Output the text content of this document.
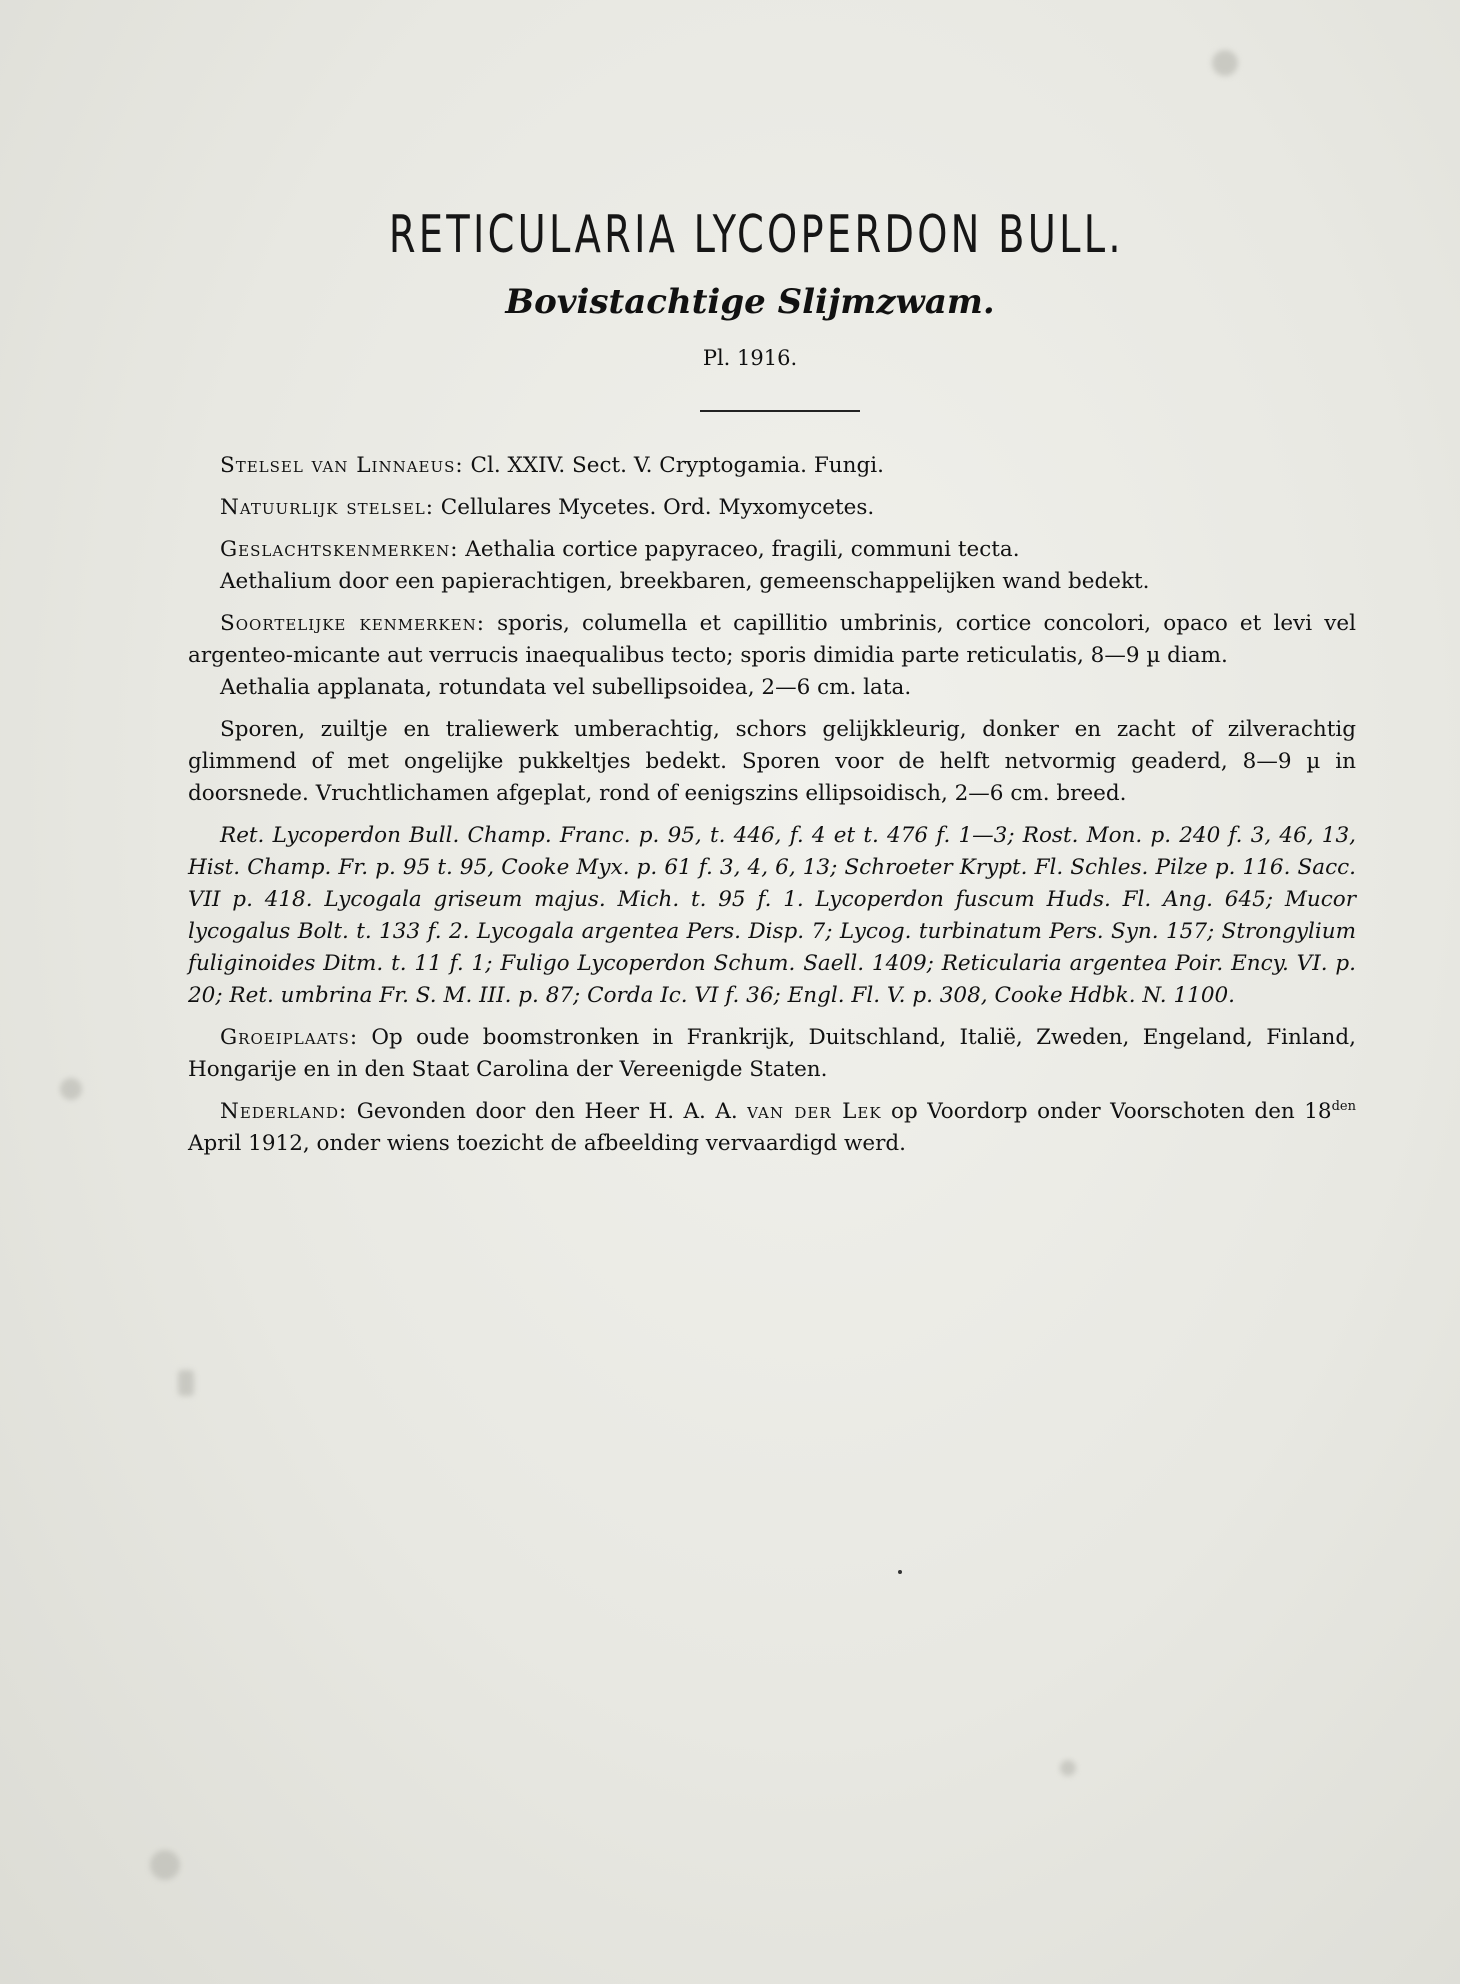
RETICULARIA LYCOPERDON BULL.
Bovistachtige Slijmzwam.
Pl. 1916.

Stelsel van Linnaeus: Cl. XXIV. Sect. V. Cryptogamia. Fungi.

Natuurlijk stelsel: Cellulares Mycetes. Ord. Myxomycetes.

Geslachtskenmerken: Aethalia cortice papyraceo, fragili, communi tecta.

Aethalium door een papierachtigen, breekbaren, gemeenschappelijken wand bedekt.

Soortelijke kenmerken: sporis, columella et capillitio umbrinis, cortice concolori, opaco et levi vel argenteo-micante aut verrucis inaequalibus tecto; sporis dimidia parte reticulatis, 8—9 µ diam.

Aethalia applanata, rotundata vel subellipsoidea, 2—6 cm. lata.

Sporen, zuiltje en traliewerk umberachtig, schors gelijkkleurig, donker en zacht of zilverachtig glimmend of met ongelijke pukkeltjes bedekt. Sporen voor de helft netvormig geaderd, 8—9 µ in doorsnede. Vruchtlichamen afgeplat, rond of eenigszins ellipsoidisch, 2—6 cm. breed.

Ret. Lycoperdon Bull. Champ. Franc. p. 95, t. 446, f. 4 et t. 476 f. 1—3; Rost. Mon. p. 240 f. 3, 46, 13, Hist. Champ. Fr. p. 95 t. 95, Cooke Myx. p. 61 f. 3, 4, 6, 13; Schroeter Krypt. Fl. Schles. Pilze p. 116. Sacc. VII p. 418. Lycogala griseum majus. Mich. t. 95 f. 1. Lycoperdon fuscum Huds. Fl. Ang. 645; Mucor lycogalus Bolt. t. 133 f. 2. Lycogala argentea Pers. Disp. 7; Lycog. turbinatum Pers. Syn. 157; Strongylium fuliginoides Ditm. t. 11 f. 1; Fuligo Lycoperdon Schum. Saell. 1409; Reticularia argentea Poir. Ency. VI. p. 20; Ret. umbrina Fr. S. M. III. p. 87; Corda Ic. VI f. 36; Engl. Fl. V. p. 308, Cooke Hdbk. N. 1100.

Groeiplaats: Op oude boomstronken in Frankrijk, Duitschland, Italië, Zweden, Engeland, Finland, Hongarije en in den Staat Carolina der Vereenigde Staten.

Nederland: Gevonden door den Heer H. A. A. van der Lek op Voordorp onder Voorschoten den $18^{den}$ April 1912, onder wiens toezicht de afbeelding vervaardigd werd.
